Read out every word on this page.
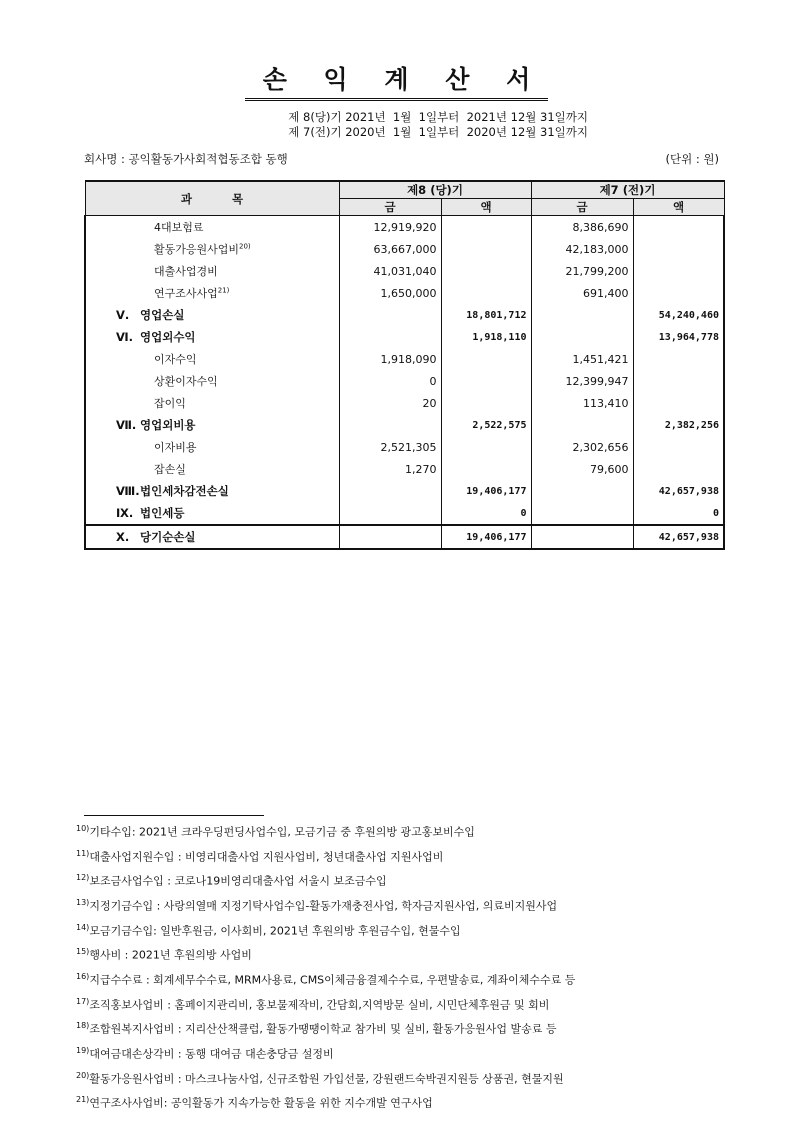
손 익 계 산 서
제 8(당)기 2021년  1월  1일부터  2021년 12월 31일까지
제 7(전)기 2020년  1월  1일부터  2020년 12월 31일까지
회사명 : 공익활동가사회적협동조합 동행	(단위 : 원)
과          목	제8 (당)기		제7 (전)기	
	금	액	금	액

4대보험료	12,919,920		8,386,690	

활동가응원사업비$^{20)}$	63,667,000		42,183,000	

대출사업경비	41,031,040		21,799,200	

연구조사사업$^{21)}$	1,650,000		691,400	

Ⅴ. 영업손실		18,801,712		54,240,460

Ⅵ. 영업외수익		1,918,110		13,964,778

이자수익	1,918,090		1,451,421	

상환이자수익	0		12,399,947	

잡이익	20		113,410	

Ⅶ. 영업외비용		2,522,575		2,382,256

이자비용	2,521,305		2,302,656	

잡손실	1,270		79,600	

Ⅷ. 법인세차감전손실		19,406,177		42,657,938

Ⅸ. 법인세등		0		0

Ⅹ. 당기순손실		19,406,177		42,657,938
$^{10)}$기타수입: 2021년 크라우딩펀딩사업수입, 모금기금 중 후원의방 광고홍보비수입
$^{11)}$대출사업지원수입 : 비영리대출사업 지원사업비, 청년대출사업 지원사업비
$^{12)}$보조금사업수입 : 코로나19비영리대출사업 서울시 보조금수입
$^{13)}$지정기금수입 : 사랑의열매 지정기탁사업수입-활동가재충전사업, 학자금지원사업, 의료비지원사업
$^{14)}$모금기금수입: 일반후원금, 이사회비, 2021년 후원의방 후원금수입, 현물수입
$^{15)}$행사비 : 2021년 후원의방 사업비
$^{16)}$지급수수료 : 회계세무수수료, MRM사용료, CMS이체금융결제수수료, 우편발송료, 계좌이체수수료 등
$^{17)}$조직홍보사업비 : 홈페이지관리비, 홍보물제작비, 간담회,지역방문 실비, 시민단체후원금 및 회비
$^{18)}$조합원복지사업비 : 지리산산책클럽, 활동가땡땡이학교 참가비 및 실비, 활동가응원사업 발송료 등
$^{19)}$대여금대손상각비 : 동행 대여금 대손충당금 설정비
$^{20)}$활동가응원사업비 : 마스크나눔사업, 신규조합원 가입선물, 강원랜드숙박권지원등 상품권, 현물지원
$^{21)}$연구조사사업비: 공익활동가 지속가능한 활동을 위한 지수개발 연구사업
